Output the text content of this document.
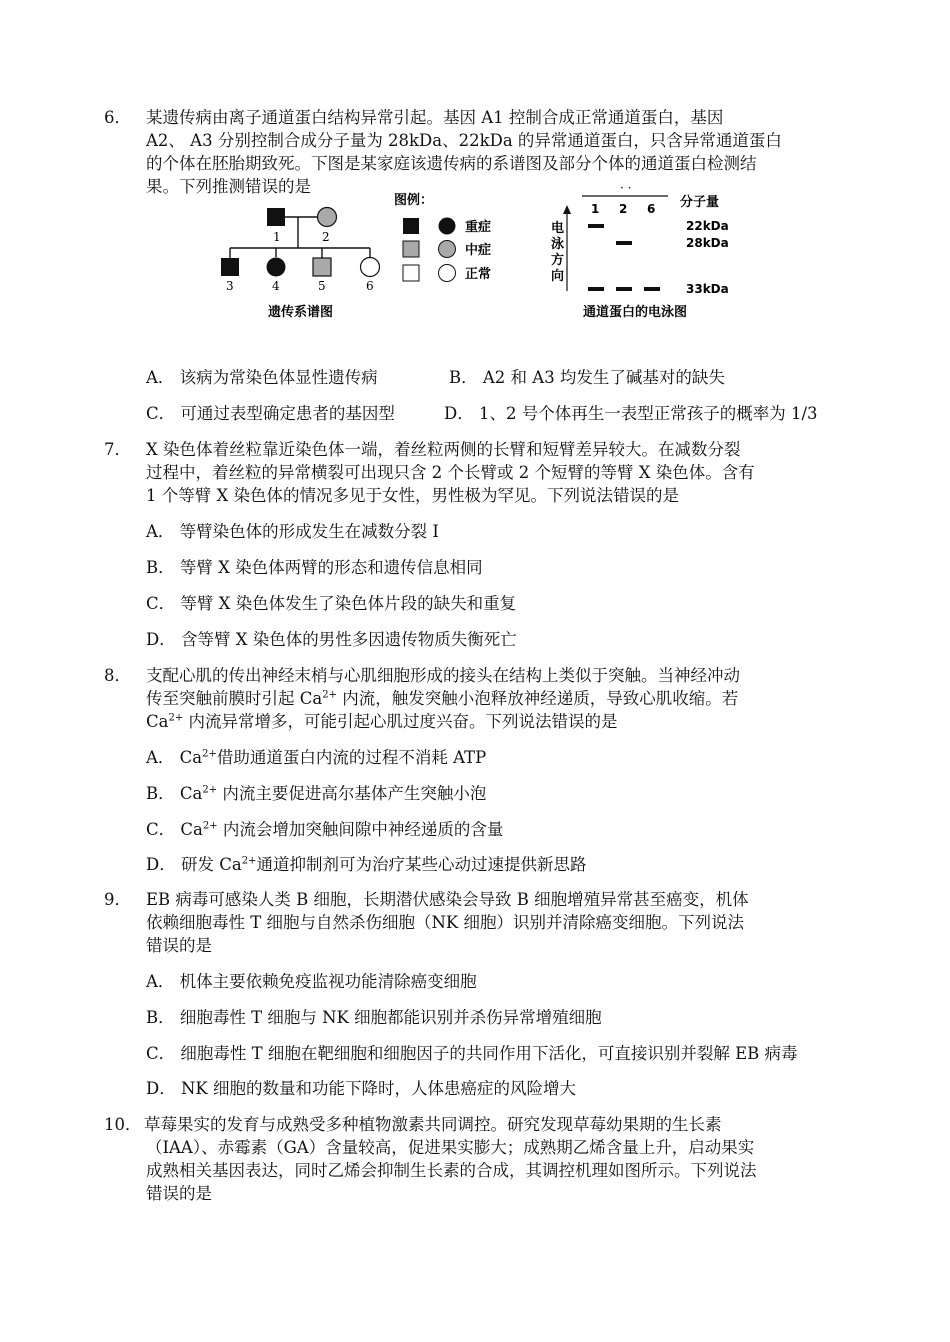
6． 某遗传病由离子通道蛋白结构异常引起。基因 A1 控制合成正常通道蛋白，基因
A2、 A3 分别控制合成分子量为 28kDa、22kDa 的异常通道蛋白，只含异常通道蛋白
的个体在胚胎期致死。下图是某家庭该遗传病的系谱图及部分个体的通道蛋白检测结
果。下列推测错误的是
1	2
3	4	5	6
遗传系谱图
图例：
重症
中症
正常
· ·
1 2 6 分子量
电
泳
方
向
22kDa
28kDa
33kDa
通道蛋白的电泳图
A． 该病为常染色体显性遗传病	B． A2 和 A3 均发生了碱基对的缺失
C． 可通过表型确定患者的基因型	D． 1、2 号个体再生一表型正常孩子的概率为 1/3
7． X 染色体着丝粒靠近染色体一端，着丝粒两侧的长臂和短臂差异较大。在减数分裂
过程中，着丝粒的异常横裂可出现只含 2 个长臂或 2 个短臂的等臂 X 染色体。含有
1 个等臂 X 染色体的情况多见于女性，男性极为罕见。下列说法错误的是
A． 等臂染色体的形成发生在减数分裂 I
B． 等臂 X 染色体两臂的形态和遗传信息相同
C． 等臂 X 染色体发生了染色体片段的缺失和重复
D． 含等臂 X 染色体的男性多因遗传物质失衡死亡
8． 支配心肌的传出神经末梢与心肌细胞形成的接头在结构上类似于突触。当神经冲动
传至突触前膜时引起 $Ca^{2+}$ 内流，触发突触小泡释放神经递质，导致心肌收缩。若
$Ca^{2+}$ 内流异常增多，可能引起心肌过度兴奋。下列说法错误的是
A． $Ca^{2+}$借助通道蛋白内流的过程不消耗 ATP
B． $Ca^{2+}$ 内流主要促进高尔基体产生突触小泡
C． $Ca^{2+}$ 内流会增加突触间隙中神经递质的含量
D． 研发 $Ca^{2+}$通道抑制剂可为治疗某些心动过速提供新思路
9． EB 病毒可感染人类 B 细胞，长期潜伏感染会导致 B 细胞增殖异常甚至癌变，机体
依赖细胞毒性 T 细胞与自然杀伤细胞（NK 细胞）识别并清除癌变细胞。下列说法
错误的是
A． 机体主要依赖免疫监视功能清除癌变细胞
B． 细胞毒性 T 细胞与 NK 细胞都能识别并杀伤异常增殖细胞
C． 细胞毒性 T 细胞在靶细胞和细胞因子的共同作用下活化，可直接识别并裂解 EB 病毒
D． NK 细胞的数量和功能下降时，人体患癌症的风险增大
10． 草莓果实的发育与成熟受多种植物激素共同调控。研究发现草莓幼果期的生长素
（IAA）、赤霉素（GA）含量较高，促进果实膨大；成熟期乙烯含量上升，启动果实
成熟相关基因表达，同时乙烯会抑制生长素的合成，其调控机理如图所示。下列说法
错误的是
